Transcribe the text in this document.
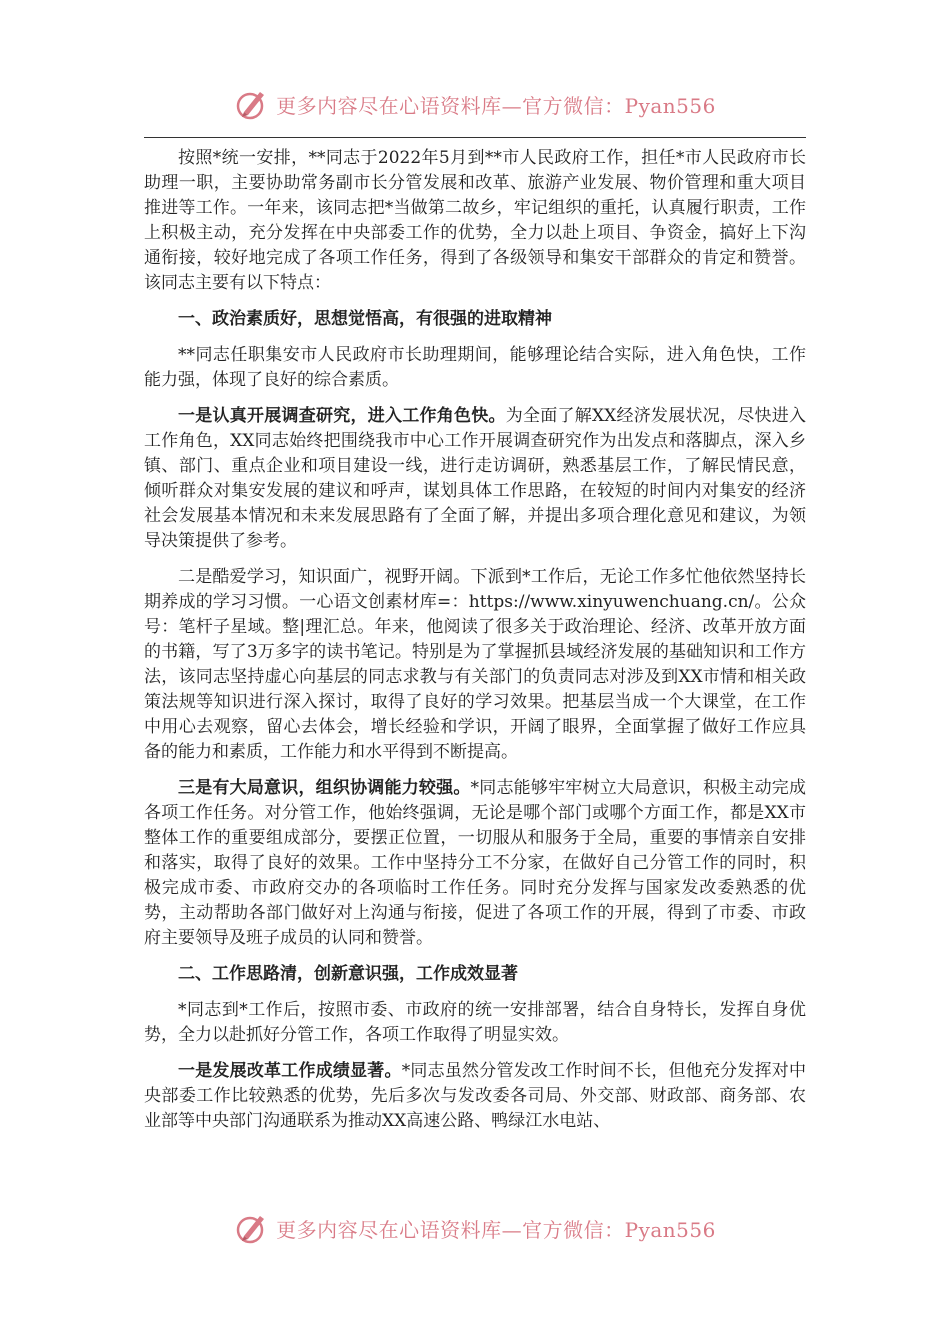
更多内容尽在心语资料库—官方微信：Pyan556

按照*统一安排，**同志于2022年5月到**市人民政府工作，担任*市人民政府市长助理一职，主要协助常务副市长分管发展和改革、旅游产业发展、物价管理和重大项目推进等工作。一年来，该同志把*当做第二故乡，牢记组织的重托，认真履行职责，工作上积极主动，充分发挥在中央部委工作的优势，全力以赴上项目、争资金，搞好上下沟通衔接，较好地完成了各项工作任务，得到了各级领导和集安干部群众的肯定和赞誉。该同志主要有以下特点：

一、政治素质好，思想觉悟高，有很强的进取精神

**同志任职集安市人民政府市长助理期间，能够理论结合实际，进入角色快，工作能力强，体现了良好的综合素质。

一是认真开展调查研究，进入工作角色快。为全面了解XX经济发展状况，尽快进入工作角色，XX同志始终把围绕我市中心工作开展调查研究作为出发点和落脚点，深入乡镇、部门、重点企业和项目建设一线，进行走访调研，熟悉基层工作，了解民情民意，倾听群众对集安发展的建议和呼声，谋划具体工作思路，在较短的时间内对集安的经济社会发展基本情况和未来发展思路有了全面了解，并提出多项合理化意见和建议，为领导决策提供了参考。

二是酷爱学习，知识面广，视野开阔。下派到*工作后，无论工作多忙他依然坚持长期养成的学习习惯。一心语文创素材库=：https://www.xinyuwenchuang.cn/。公众号：笔杆子星域。整|理汇总。年来，他阅读了很多关于政治理论、经济、改革开放方面的书籍，写了3万多字的读书笔记。特别是为了掌握抓县域经济发展的基础知识和工作方法，该同志坚持虚心向基层的同志求教与有关部门的负责同志对涉及到XX市情和相关政策法规等知识进行深入探讨，取得了良好的学习效果。把基层当成一个大课堂，在工作中用心去观察，留心去体会，增长经验和学识，开阔了眼界，全面掌握了做好工作应具备的能力和素质，工作能力和水平得到不断提高。

三是有大局意识，组织协调能力较强。*同志能够牢牢树立大局意识，积极主动完成各项工作任务。对分管工作，他始终强调，无论是哪个部门或哪个方面工作，都是XX市整体工作的重要组成部分，要摆正位置，一切服从和服务于全局，重要的事情亲自安排和落实，取得了良好的效果。工作中坚持分工不分家，在做好自己分管工作的同时，积极完成市委、市政府交办的各项临时工作任务。同时充分发挥与国家发改委熟悉的优势，主动帮助各部门做好对上沟通与衔接，促进了各项工作的开展，得到了市委、市政府主要领导及班子成员的认同和赞誉。

二、工作思路清，创新意识强，工作成效显著

*同志到*工作后，按照市委、市政府的统一安排部署，结合自身特长，发挥自身优势，全力以赴抓好分管工作，各项工作取得了明显实效。

一是发展改革工作成绩显著。*同志虽然分管发改工作时间不长，但他充分发挥对中央部委工作比较熟悉的优势，先后多次与发改委各司局、外交部、财政部、商务部、农业部等中央部门沟通联系为推动XX高速公路、鸭绿江水电站、

更多内容尽在心语资料库—官方微信：Pyan556
